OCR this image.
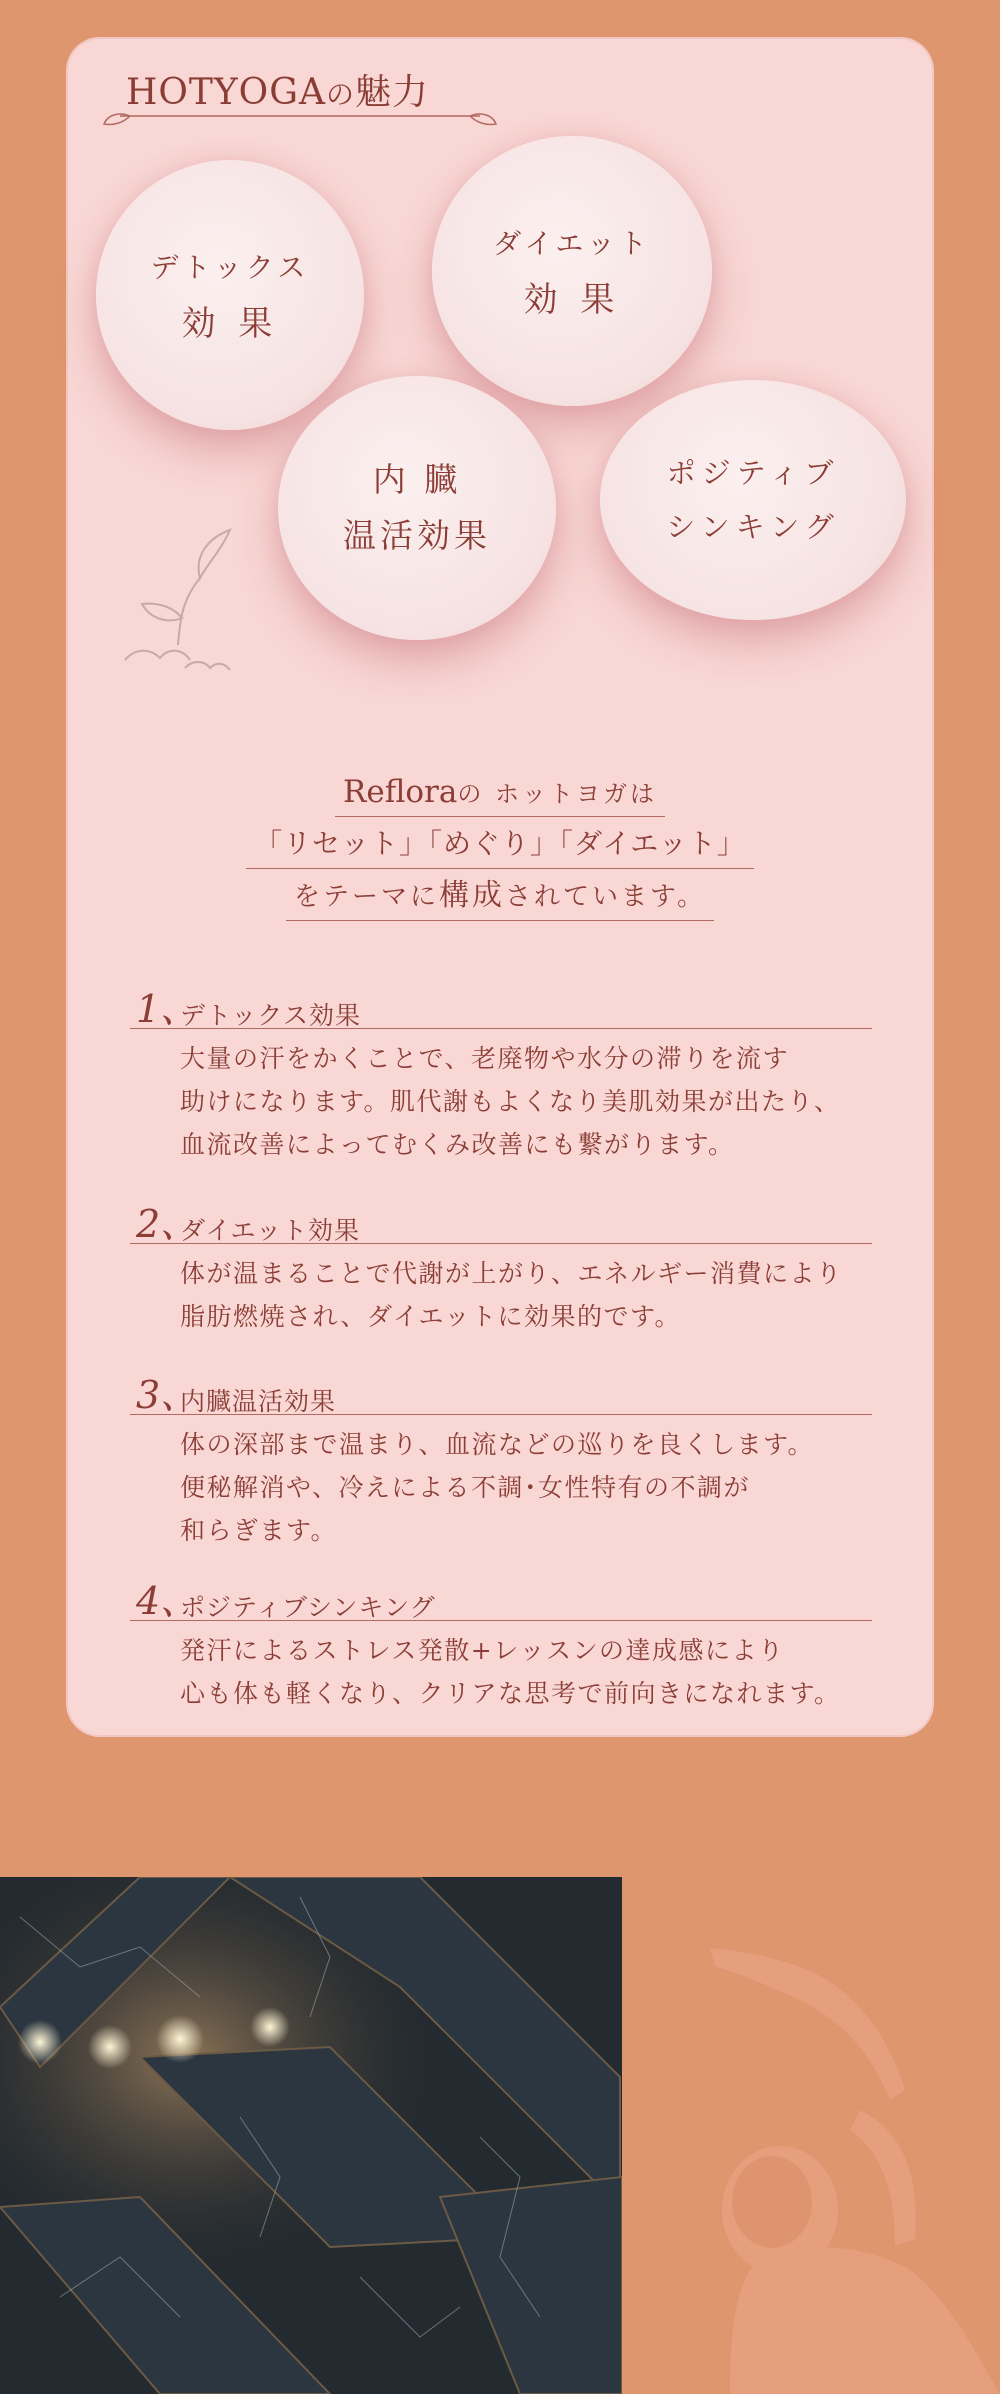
HOTYOGAの魅力
デトックス
効 果
ダイエット
効 果
内 臓
温活効果
ポジティブ
シンキング
Refloraの ホットヨガは
「リセット」「めぐり」「ダイエット」
をテーマに構成されています。
1、
デトックス効果
大量の汗をかくことで、老廃物や水分の滞りを流す
助けになります。肌代謝もよくなり美肌効果が出たり、
血流改善によってむくみ改善にも繋がります。
2、
ダイエット効果
体が温まることで代謝が上がり、エネルギー消費により
脂肪燃焼され、ダイエットに効果的です。
3、
内臓温活効果
体の深部まで温まり、血流などの巡りを良くします。
便秘解消や、冷えによる不調･女性特有の不調が
和らぎます。
4、
ポジティブシンキング
発汗によるストレス発散+レッスンの達成感により
心も体も軽くなり、クリアな思考で前向きになれます。
